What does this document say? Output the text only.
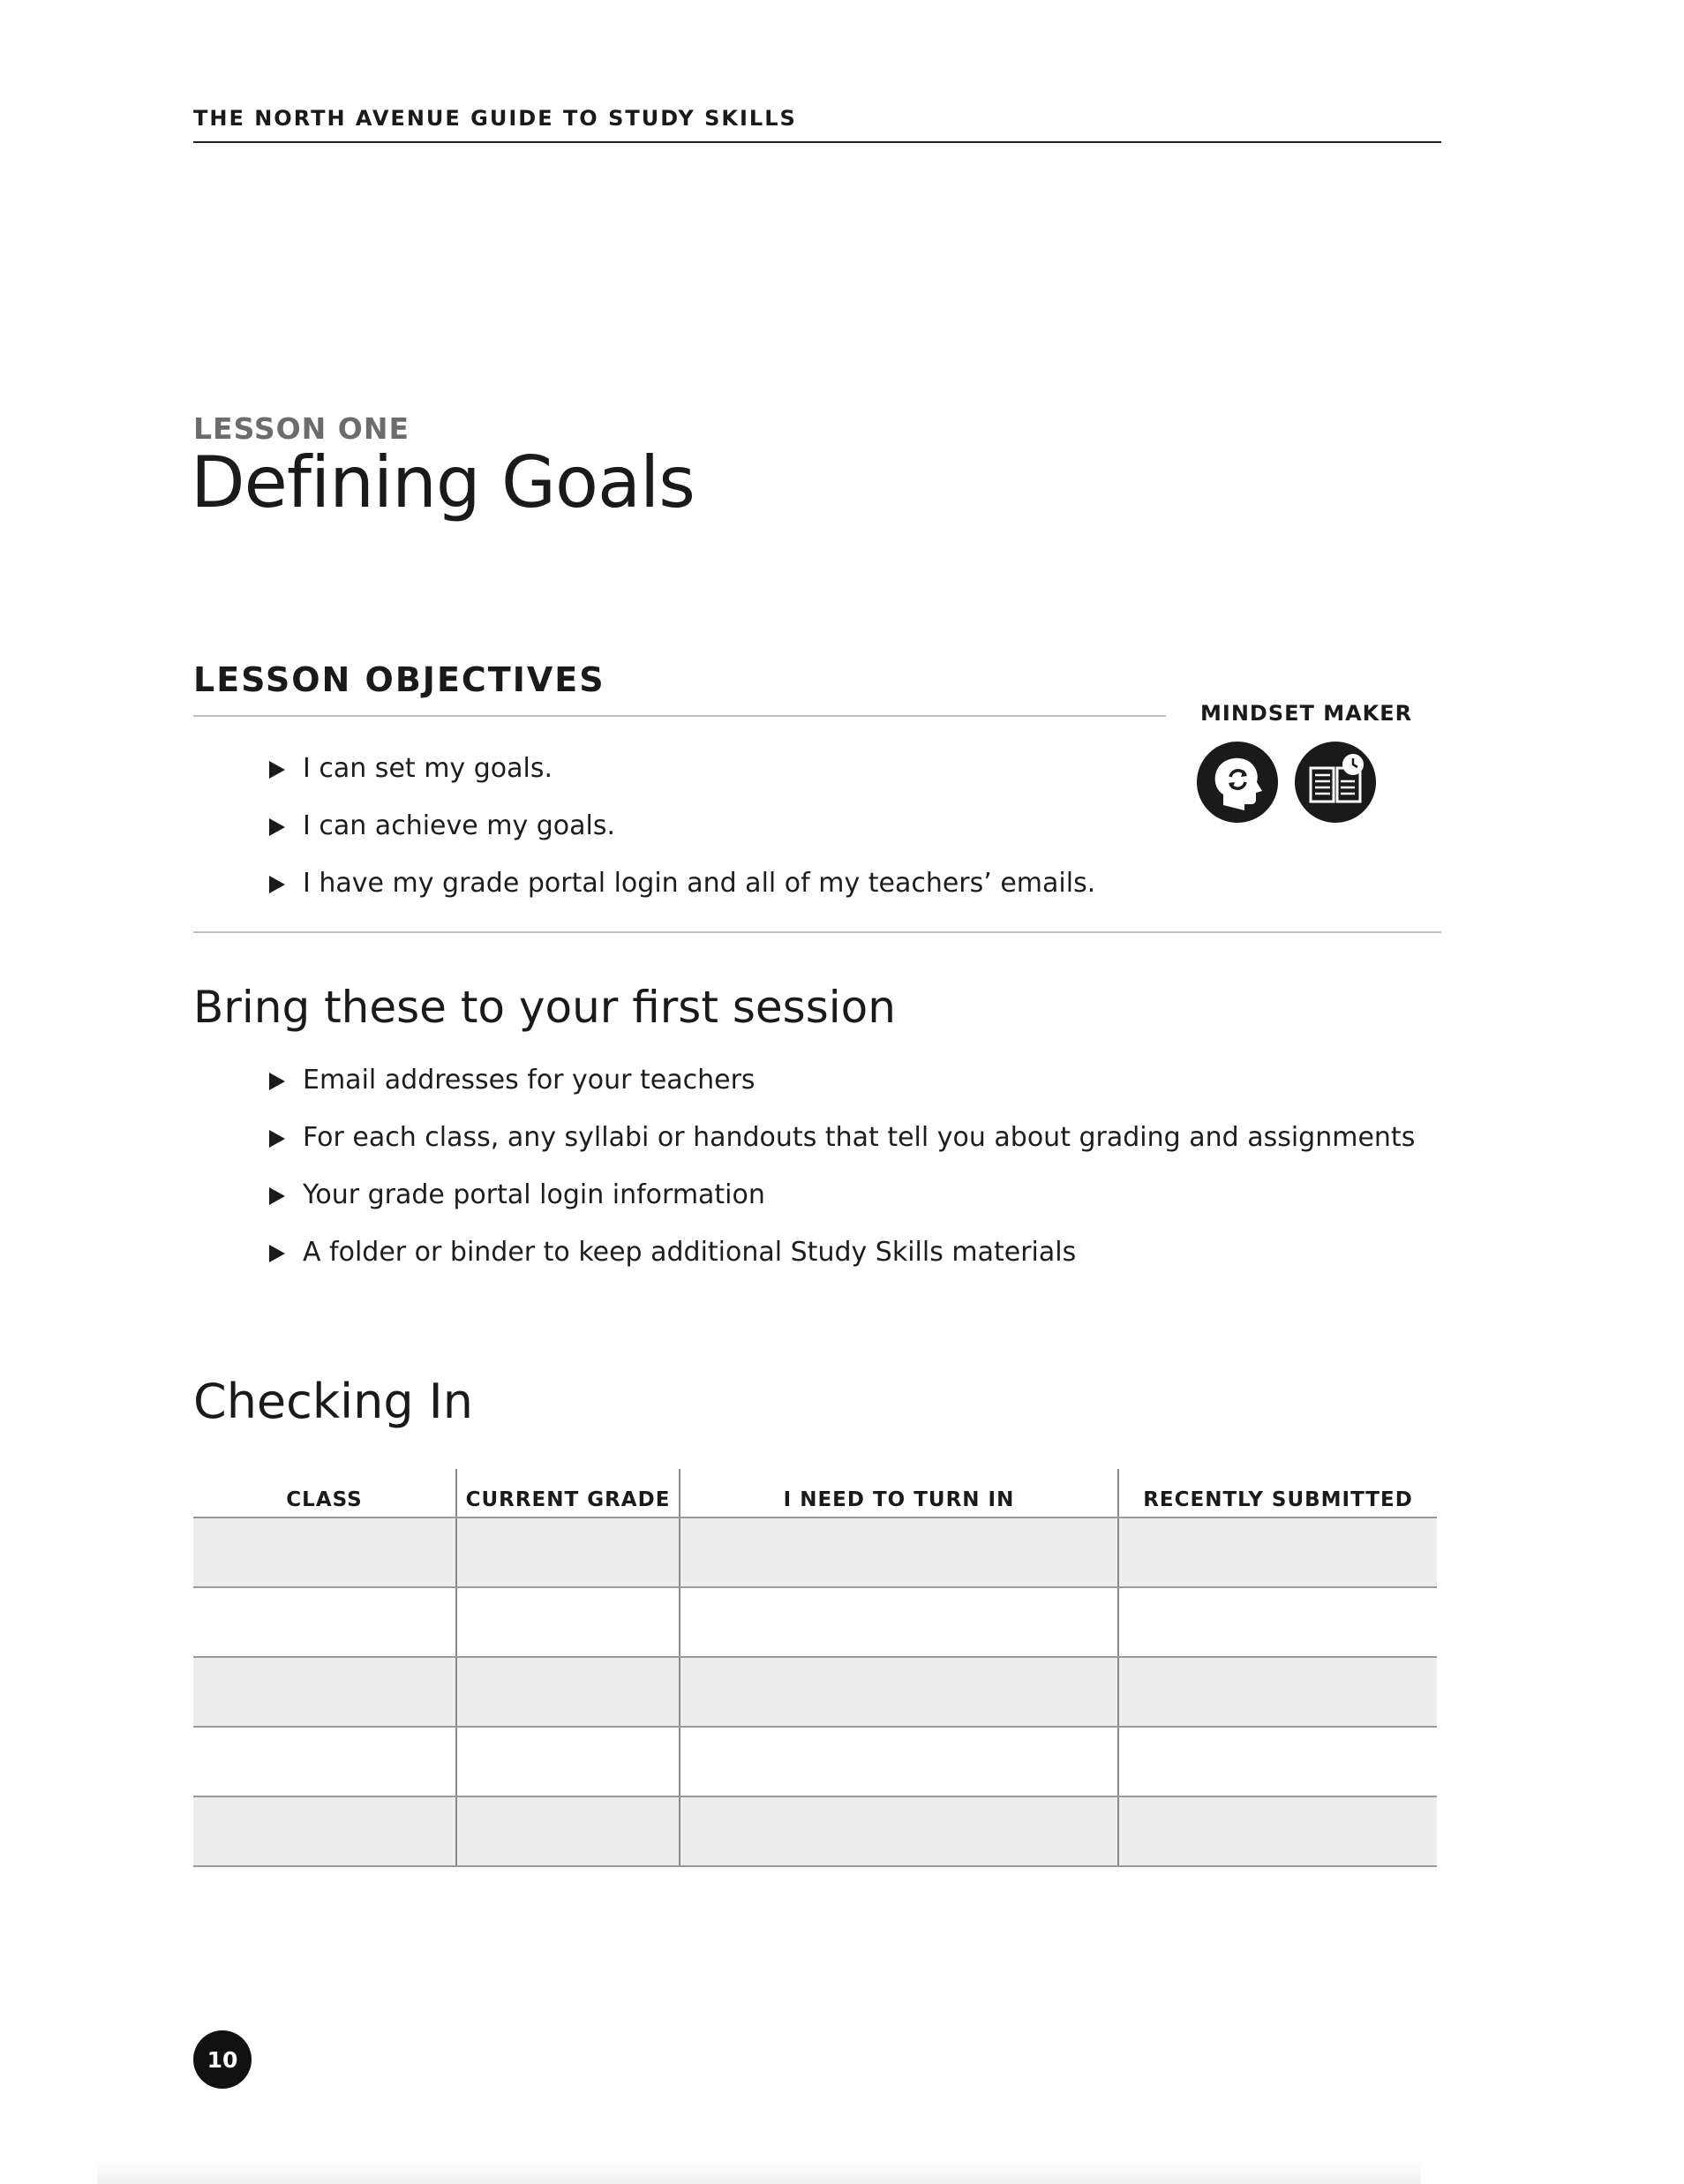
THE NORTH AVENUE GUIDE TO STUDY SKILLS
LESSON ONE
Defining Goals
LESSON OBJECTIVES
MINDSET MAKER
I can set my goals.
I can achieve my goals.
I have my grade portal login and all of my teachers’ emails.
Bring these to your first session
Email addresses for your teachers
For each class, any syllabi or handouts that tell you about grading and assignments
Your grade portal login information
A folder or binder to keep additional Study Skills materials
Checking In
CLASS	CURRENT GRADE	I NEED TO TURN IN	RECENTLY SUBMITTED

10
